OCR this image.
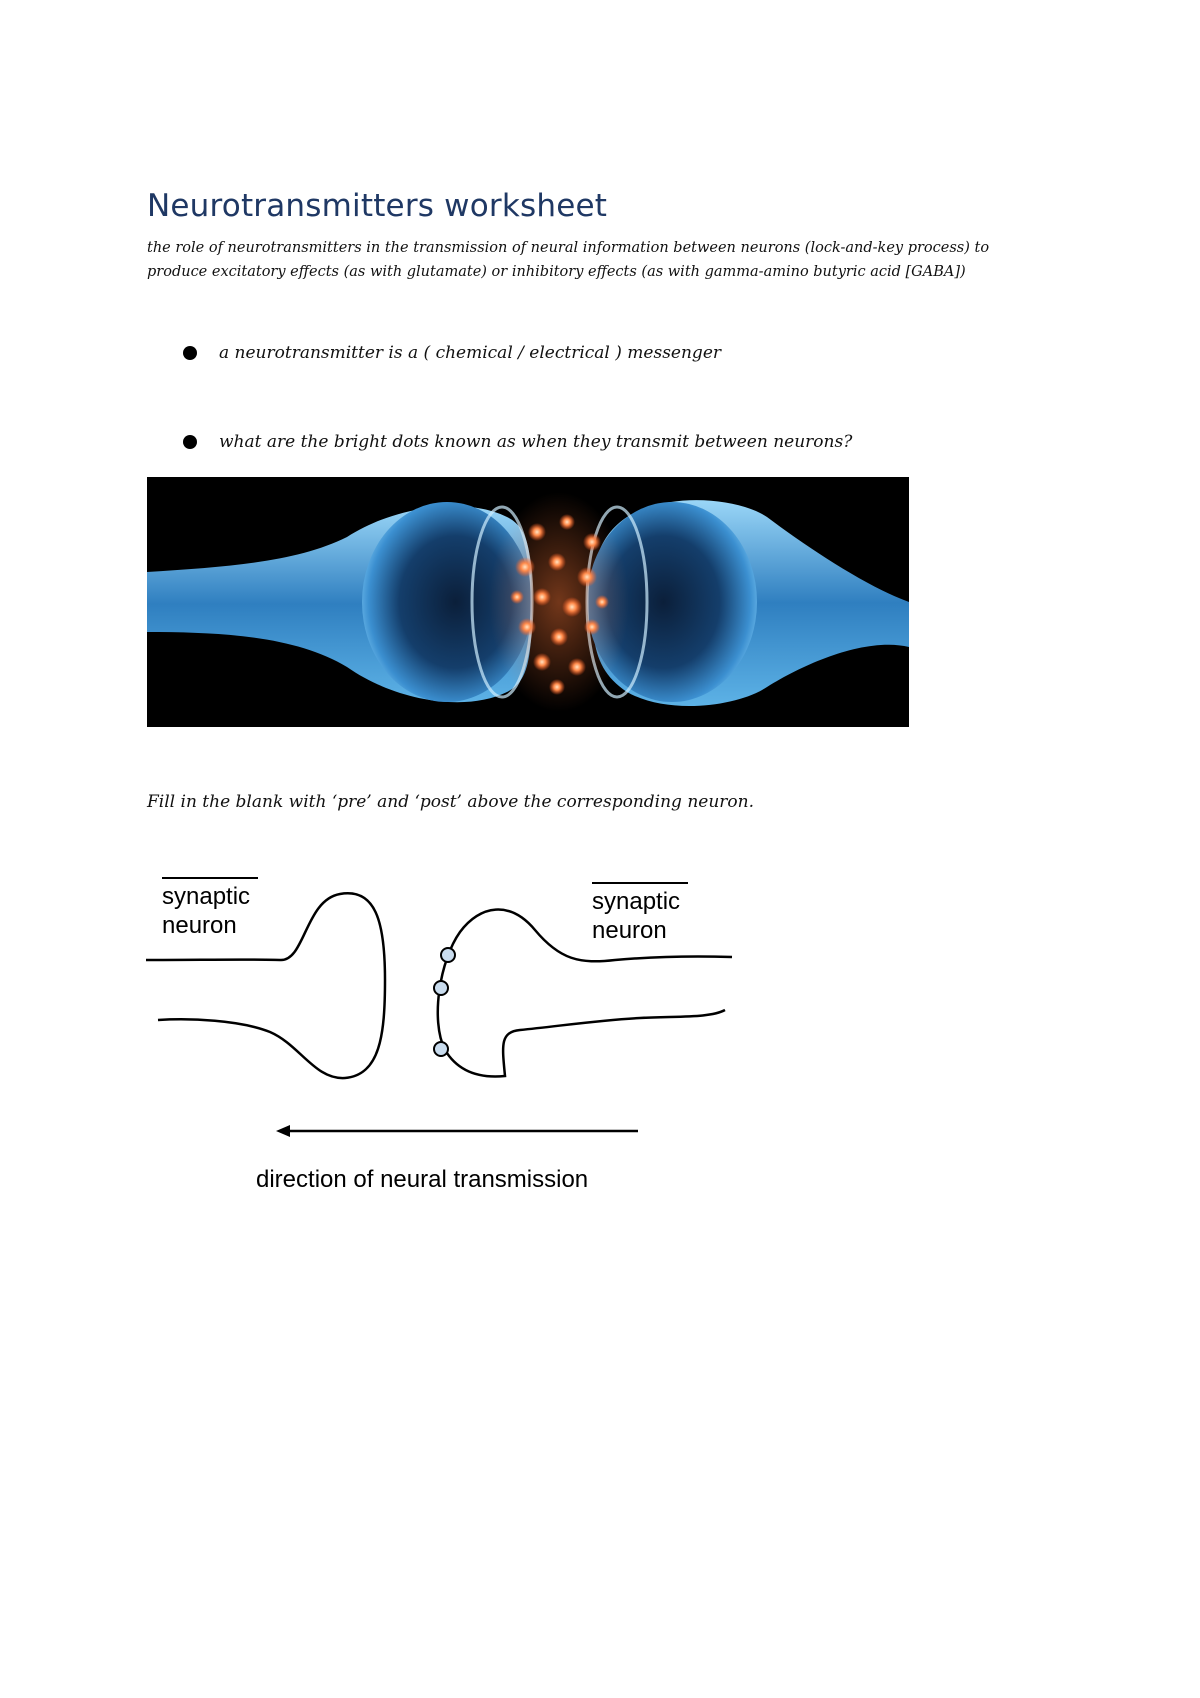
Neurotransmitters worksheet
the role of neurotransmitters in the transmission of neural information between neurons (lock-and-key process) to produce excitatory effects (as with glutamate) or inhibitory effects (as with gamma-amino butyric acid [GABA])
a neurotransmitter is a ( chemical / electrical ) messenger
what are the bright dots known as when they transmit between neurons?
Fill in the blank with ‘pre’ and ‘post’ above the corresponding neuron.
synaptic
neuron
synaptic
neuron
direction of neural transmission
